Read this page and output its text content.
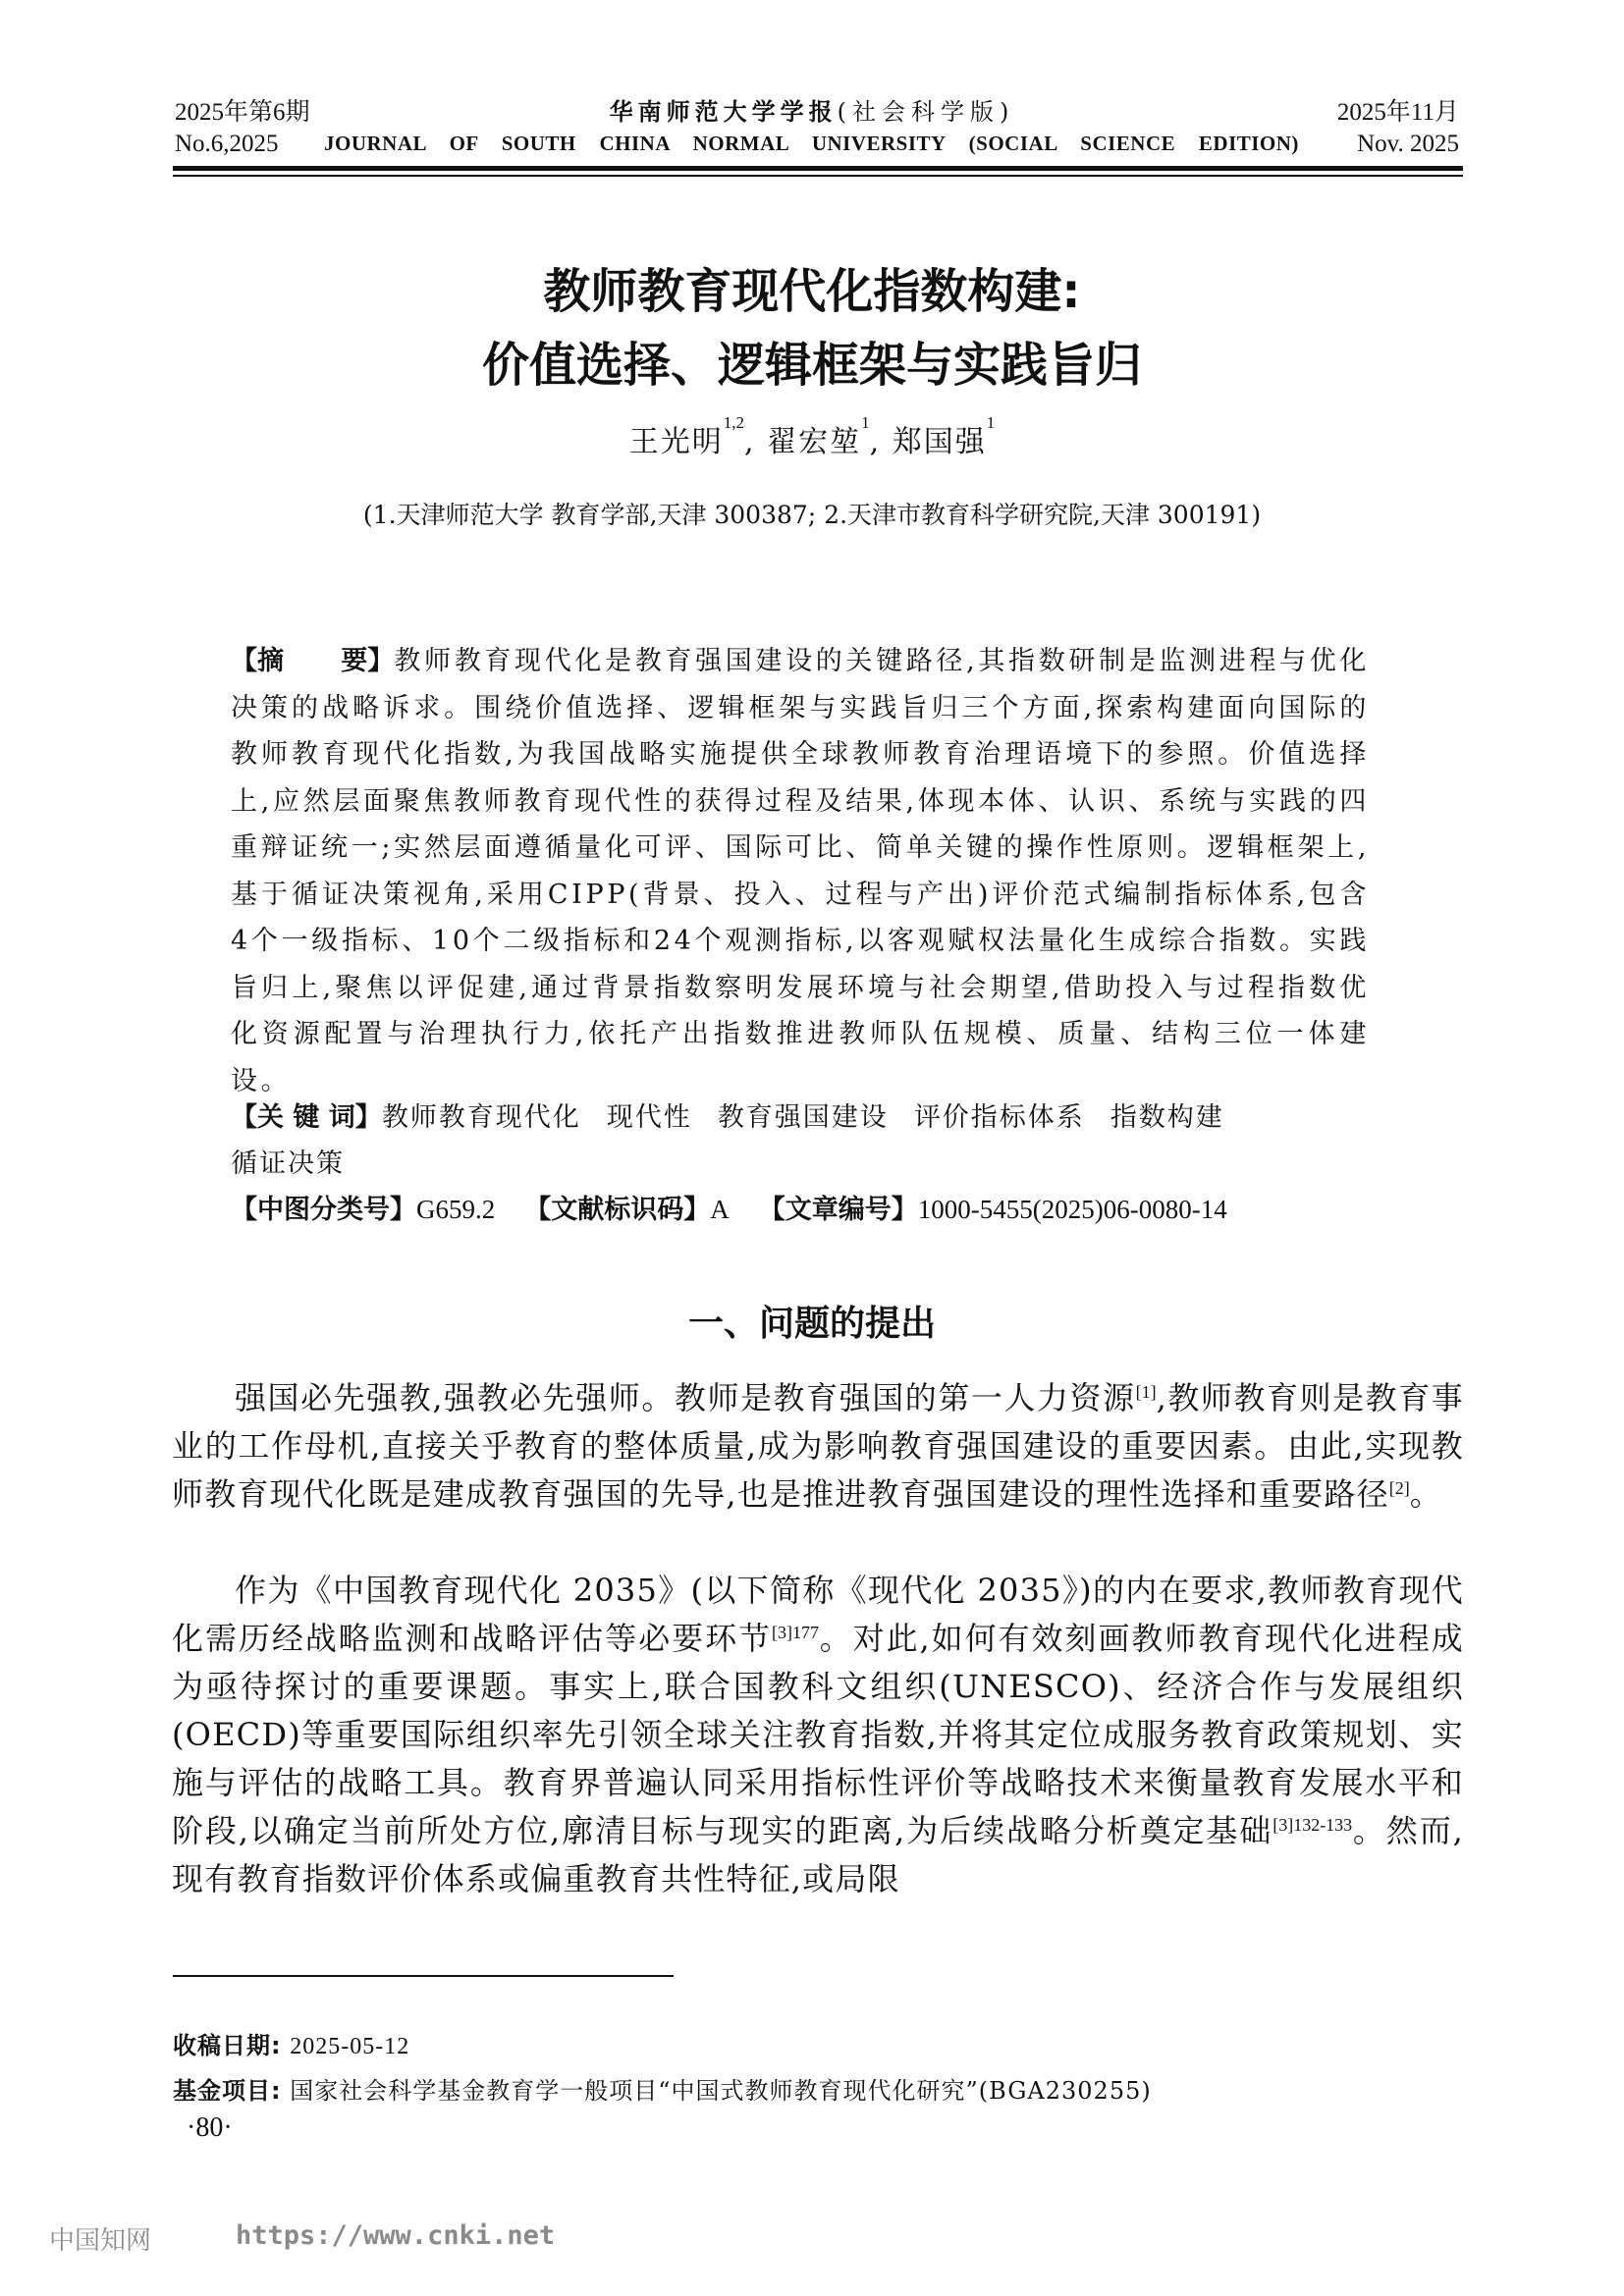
2025年第6期
No.6,2025
华南师范大学学报(社会科学版)
JOURNAL OF SOUTH CHINA NORMAL UNIVERSITY (SOCIAL SCIENCE EDITION)
2025年11月
Nov. 2025
教师教育现代化指数构建:
价值选择、逻辑框架与实践旨归
王光明$^{1,2}$, 翟宏堃$^1$, 郑国强$^1$
(1.天津师范大学 教育学部,天津 300387; 2.天津市教育科学研究院,天津 300191)
【摘 要】教师教育现代化是教育强国建设的关键路径,其指数研制是监测进程与优化决策的战略诉求。围绕价值选择、逻辑框架与实践旨归三个方面,探索构建面向国际的教师教育现代化指数,为我国战略实施提供全球教师教育治理语境下的参照。价值选择上,应然层面聚焦教师教育现代性的获得过程及结果,体现本体、认识、系统与实践的四重辩证统一;实然层面遵循量化可评、国际可比、简单关键的操作性原则。逻辑框架上,基于循证决策视角,采用CIPP(背景、投入、过程与产出)评价范式编制指标体系,包含4个一级指标、10个二级指标和24个观测指标,以客观赋权法量化生成综合指数。实践旨归上,聚焦以评促建,通过背景指数察明发展环境与社会期望,借助投入与过程指数优化资源配置与治理执行力,依托产出指数推进教师队伍规模、质量、结构三位一体建设。
【关 键 词】教师教育现代化 现代性 教育强国建设 评价指标体系 指数构建
循证决策
【中图分类号】G659.2 【文献标识码】A 【文章编号】1000-5455(2025)06-0080-14
一、问题的提出

强国必先强教,强教必先强师。教师是教育强国的第一人力资源[1],教师教育则是教育事业的工作母机,直接关乎教育的整体质量,成为影响教育强国建设的重要因素。由此,实现教师教育现代化既是建成教育强国的先导,也是推进教育强国建设的理性选择和重要路径[2]。

作为《中国教育现代化 2035》(以下简称《现代化 2035》)的内在要求,教师教育现代化需历经战略监测和战略评估等必要环节$^{[3]177}$。对此,如何有效刻画教师教育现代化进程成为亟待探讨的重要课题。事实上,联合国教科文组织(UNESCO)、经济合作与发展组织(OECD)等重要国际组织率先引领全球关注教育指数,并将其定位成服务教育政策规划、实施与评估的战略工具。教育界普遍认同采用指标性评价等战略技术来衡量教育发展水平和阶段,以确定当前所处方位,廓清目标与现实的距离,为后续战略分析奠定基础$^{[3]132-133}$。然而,现有教育指数评价体系或偏重教育共性特征,或局限

收稿日期: 2025-05-12
基金项目: 国家社会科学基金教育学一般项目“中国式教师教育现代化研究”(BGA230255)
·80·
中国知网	https://www.cnki.net
